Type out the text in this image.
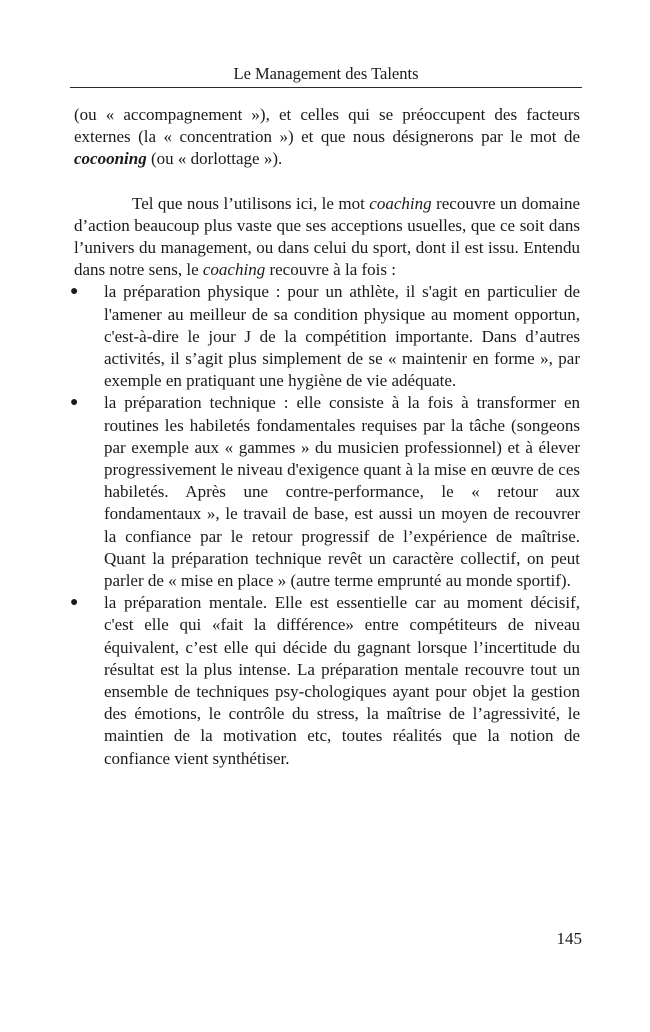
Le Management des Talents

(ou « accompagnement »), et celles qui se préoccupent des facteurs externes (la « concentration ») et que nous désignerons par le mot de cocooning (ou « dorlottage »).

Tel que nous l’utilisons ici, le mot coaching recouvre un domaine d’action beaucoup plus vaste que ses acceptions usuelles, que ce soit dans l’univers du management, ou dans celui du sport, dont il est issu. Entendu dans notre sens, le coaching recouvre à la fois :

●
la préparation physique : pour un athlète, il s'agit en particulier de l'amener au meilleur de sa condition physique au moment opportun, c'est-à-dire le jour J de la compétition importante. Dans d’autres activités, il s’agit plus simplement de se « maintenir en forme », par exemple en pratiquant une hygiène de vie adéquate.
●
la préparation technique : elle consiste à la fois à transformer en routines les habiletés fondamentales requises par la tâche (songeons par exemple aux « gammes » du musicien professionnel) et à élever progressivement le niveau d'exigence quant à la mise en œuvre de ces habiletés. Après une contre-performance, le « retour aux fondamentaux », le travail de base, est aussi un moyen de recouvrer la confiance par le retour progressif de l’expérience de maîtrise. Quant la préparation technique revêt un caractère collectif, on peut parler de « mise en place » (autre terme emprunté au monde sportif).
●
la préparation mentale. Elle est essentielle car au moment décisif, c'est elle qui «fait la différence» entre compétiteurs de niveau équivalent, c’est elle qui décide du gagnant lorsque l’incertitude du résultat est la plus intense. La préparation mentale recouvre tout un ensemble de techniques psy-chologiques ayant pour objet la gestion des émotions, le contrôle du stress, la maîtrise de l’agressivité, le maintien de la motivation etc, toutes réalités que la notion de confiance vient synthétiser.
145
